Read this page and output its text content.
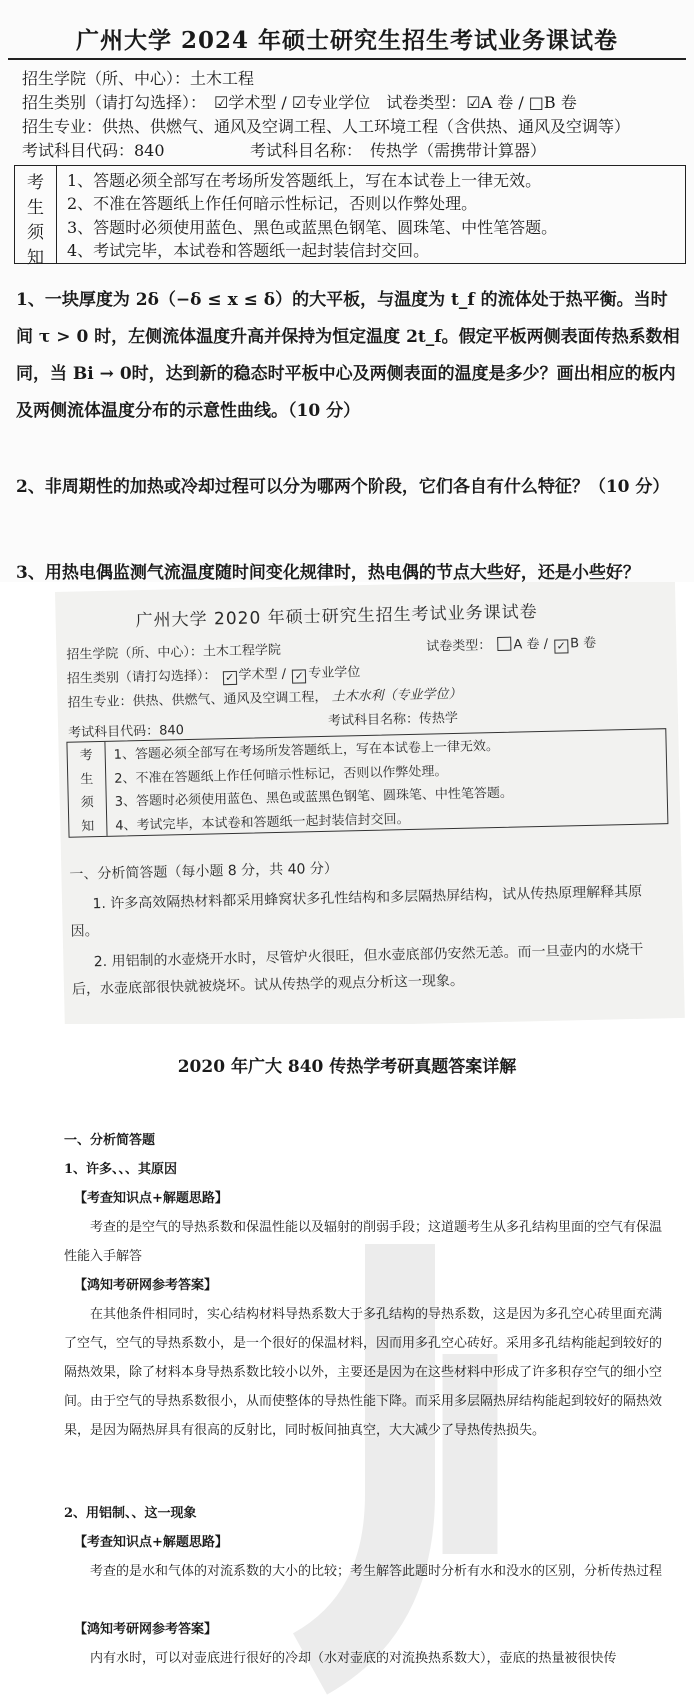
广州大学 2024 年硕士研究生招生考试业务课试卷
招生学院（所、中心）：土木工程
招生类别（请打勾选择）：　☑学术型 / ☑专业学位　试卷类型：☑A 卷 / □B 卷
招生专业：供热、供燃气、通风及空调工程、人工环境工程（含供热、通风及空调等）
考试科目代码：840	考试科目名称：　传热学（需携带计算器）
考
生
须
知
1、答题必须全部写在考场所发答题纸上，写在本试卷上一律无效。
2、不准在答题纸上作任何暗示性标记，否则以作弊处理。
3、答题时必须使用蓝色、黑色或蓝黑色钢笔、圆珠笔、中性笔答题。
4、考试完毕，本试卷和答题纸一起封装信封交回。
1、一块厚度为 2δ（−δ ≤ x ≤ δ）的大平板，与温度为 t_f 的流体处于热平衡。当时间 τ > 0 时，左侧流体温度升高并保持为恒定温度 2t_f。假定平板两侧表面传热系数相同，当 Bi → 0时，达到新的稳态时平板中心及两侧表面的温度是多少？画出相应的板内及两侧流体温度分布的示意性曲线。（10 分）
2、非周期性的加热或冷却过程可以分为哪两个阶段，它们各自有什么特征？（10 分）
3、用热电偶监测气流温度随时间变化规律时，热电偶的节点大些好，还是小些好？
广州大学 2020 年硕士研究生招生考试业务课试卷
招生学院（所、中心）：土木工程学院	试卷类型： A 卷 / ✓ B 卷
招生类别（请打勾选择）： ✓ 学术型 / ✓ 专业学位
招生专业：供热、供燃气、通风及空调工程， 土木水利（专业学位）
考试科目名称：传热学
考试科目代码：840
考
生
须
知
1、答题必须全部写在考场所发答题纸上，写在本试卷上一律无效。
2、不准在答题纸上作任何暗示性标记，否则以作弊处理。
3、答题时必须使用蓝色、黑色或蓝黑色钢笔、圆珠笔、中性笔答题。
4、考试完毕，本试卷和答题纸一起封装信封交回。
一、分析简答题（每小题 8 分，共 40 分）
1. 许多高效隔热材料都采用蜂窝状多孔性结构和多层隔热屏结构，试从传热原理解释其原因。
2. 用铝制的水壶烧开水时，尽管炉火很旺，但水壶底部仍安然无恙。而一旦壶内的水烧干后，水壶底部很快就被烧坏。试从传热学的观点分析这一现象。
2020 年广大 840 传热学考研真题答案详解
一、分析简答题
1、许多、、、其原因
【考查知识点+解题思路】
考查的是空气的导热系数和保温性能以及辐射的削弱手段；这道题考生从多孔结构里面的空气有保温性能入手解答
【鸿知考研网参考答案】
在其他条件相同时，实心结构材料导热系数大于多孔结构的导热系数，这是因为多孔空心砖里面充满了空气，空气的导热系数小，是一个很好的保温材料，因而用多孔空心砖好。采用多孔结构能起到较好的隔热效果，除了材料本身导热系数比较小以外，主要还是因为在这些材料中形成了许多积存空气的细小空间。由于空气的导热系数很小，从而使整体的导热性能下降。而采用多层隔热屏结构能起到较好的隔热效果，是因为隔热屏具有很高的反射比，同时板间抽真空，大大减少了导热传热损失。
2、用铝制、、这一现象
【考查知识点+解题思路】
考查的是水和气体的对流系数的大小的比较；考生解答此题时分析有水和没水的区别，分析传热过程
【鸿知考研网参考答案】
内有水时，可以对壶底进行很好的冷却（水对壶底的对流换热系数大），壶底的热量被很快传
